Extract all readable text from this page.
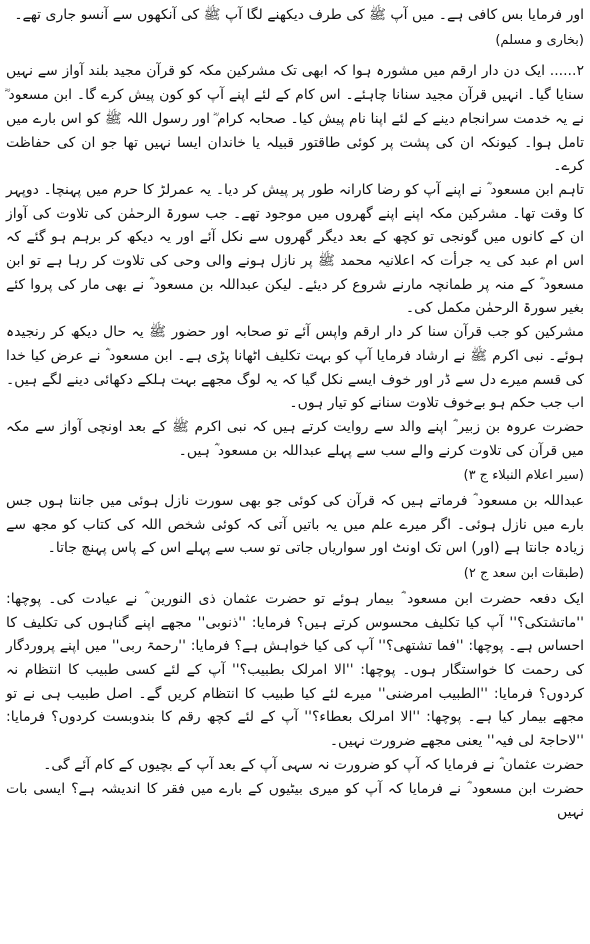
اور فرمایا بس کافی ہے۔ میں آپ ﷺ کی طرف دیکھنے لگا آپ ﷺ کی آنکھوں سے آنسو جاری تھے۔

(بخاری و مسلم)

٢...... ایک دن دار ارقم میں مشورہ ہوا کہ ابھی تک مشرکین مکہ کو قرآن مجید بلند آواز سے نہیں سنایا گیا۔ انہیں قرآن مجید سنانا چاہئے۔ اس کام کے لئے اپنے آپ کو کون پیش کرے گا۔ ابن مسعود ؓ نے یہ خدمت سرانجام دینے کے لئے اپنا نام پیش کیا۔ صحابہ کرام ؓ اور رسول اللہ ﷺ کو اس بارے میں تامل ہوا۔ کیونکہ ان کی پشت پر کوئی طاقتور قبیلہ یا خاندان ایسا نہیں تھا جو ان کی حفاظت کرے۔

تاہم ابن مسعود ؓ نے اپنے آپ کو رضا کارانہ طور پر پیش کر دیا۔ یہ عمرلڑ کا حرم میں پہنچا۔ دوپہر کا وقت تھا۔ مشرکین مکہ اپنے اپنے گھروں میں موجود تھے۔ جب سورۃ الرحمٰن کی تلاوت کی آواز ان کے کانوں میں گونجی تو کچھ کے بعد دیگر گھروں سے نکل آئے اور یہ دیکھ کر برہم ہو گئے کہ اس ام عبد کی یہ جرأت کہ اعلانیہ محمد ﷺ پر نازل ہونے والی وحی کی تلاوت کر رہا ہے تو ابن مسعود ؓ کے منہ پر طمانچہ مارنے شروع کر دیئے۔ لیکن عبداللہ بن مسعود ؓ نے بھی مار کی پروا کئے بغیر سورۃ الرحمٰن مکمل کی۔

مشرکین کو جب قرآن سنا کر دار ارقم واپس آئے تو صحابہ اور حضور ﷺ یہ حال دیکھ کر رنجیدہ ہوئے۔ نبی اکرم ﷺ نے ارشاد فرمایا آپ کو بہت تکلیف اٹھانا پڑی ہے۔ ابن مسعود ؓ نے عرض کیا خدا کی قسم میرے دل سے ڈر اور خوف ایسے نکل گیا کہ یہ لوگ مجھے بہت ہلکے دکھائی دینے لگے ہیں۔ اب جب حکم ہو بےخوف تلاوت سنانے کو تیار ہوں۔

حضرت عروہ بن زبیر ؓ اپنے والد سے روایت کرتے ہیں کہ نبی اکرم ﷺ کے بعد اونچی آواز سے مکہ میں قرآن کی تلاوت کرنے والے سب سے پہلے عبداللہ بن مسعود ؓ ہیں۔

(سیر اعلام النبلاء ج ٣)

عبداللہ بن مسعود ؓ فرماتے ہیں کہ قرآن کی کوئی جو بھی سورت نازل ہوئی میں جانتا ہوں جس بارے میں نازل ہوئی۔ اگر میرے علم میں یہ باتیں آتی کہ کوئی شخص اللہ کی کتاب کو مجھ سے زیادہ جانتا ہے (اور) اس تک اونٹ اور سواریاں جاتی تو سب سے پہلے اس کے پاس پہنچ جاتا۔

(طبقات ابن سعد ج ٢)

ایک دفعہ حضرت ابن مسعود ؓ بیمار ہوئے تو حضرت عثمان ذی النورین ؓ نے عیادت کی۔ پوچھا: ''ماتشتکی؟'' آپ کیا تکلیف محسوس کرتے ہیں؟ فرمایا: ''ذنوبی'' مجھے اپنے گناہوں کی تکلیف کا احساس ہے۔ پوچھا: ''فما تشتھی؟'' آپ کی کیا خواہش ہے؟ فرمایا: ''رحمۃ ربی'' میں اپنے پروردگار کی رحمت کا خواستگار ہوں۔ پوچھا: ''الا امرلک بطبیب؟'' آپ کے لئے کسی طبیب کا انتظام نہ کردوں؟ فرمایا: ''الطبیب امرضنی'' میرے لئے کیا طبیب کا انتظام کریں گے۔ اصل طبیب ہی نے تو مجھے بیمار کیا ہے۔ پوچھا: ''الا امرلک بعطاء؟'' آپ کے لئے کچھ رقم کا بندوبست کردوں؟ فرمایا: ''لاحاجۃ لی فیہ'' یعنی مجھے ضرورت نہیں۔

حضرت عثمان ؓ نے فرمایا کہ آپ کو ضرورت نہ سہی آپ کے بعد آپ کے بچیوں کے کام آئے گی۔

حضرت ابن مسعود ؓ نے فرمایا کہ آپ کو میری بیٹیوں کے بارے میں فقر کا اندیشہ ہے؟ ایسی بات نہیں
